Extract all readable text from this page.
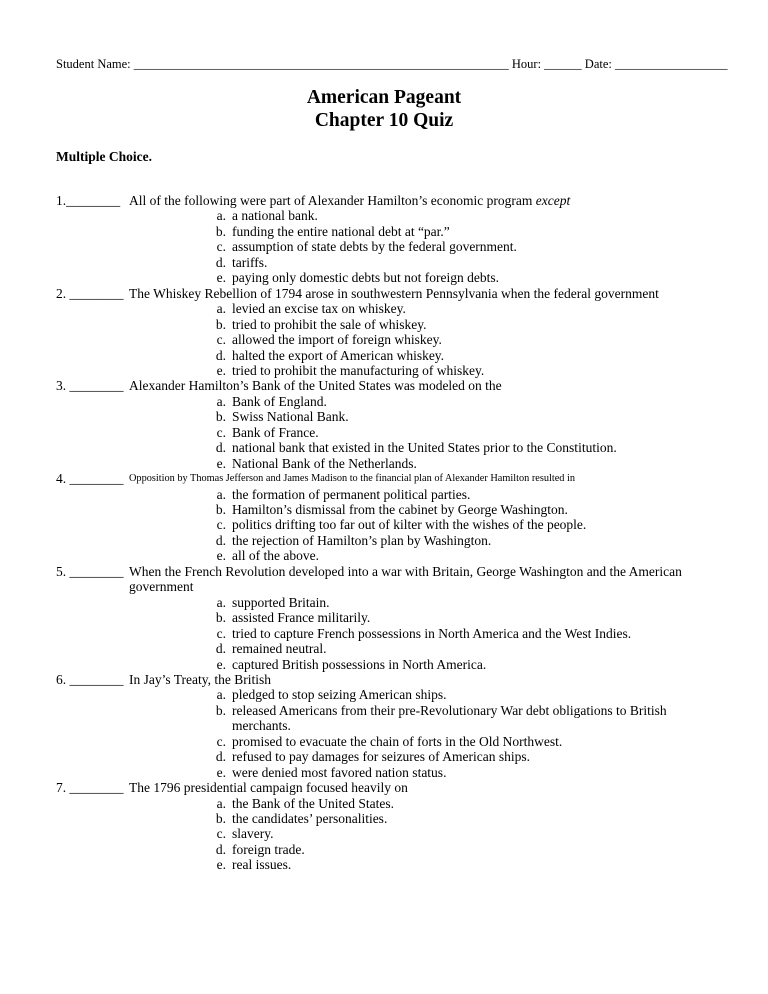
Student Name: ____________________________________________________________ Hour: ______ Date: __________________
American Pageant
Chapter 10 Quiz
Multiple Choice.
1.________ All of the following were part of Alexander Hamilton’s economic program except
a. a national bank.
b. funding the entire national debt at “par.”
c. assumption of state debts by the federal government.
d. tariffs.
e. paying only domestic debts but not foreign debts.
2. ________ The Whiskey Rebellion of 1794 arose in southwestern Pennsylvania when the federal government
a. levied an excise tax on whiskey.
b. tried to prohibit the sale of whiskey.
c. allowed the import of foreign whiskey.
d. halted the export of American whiskey.
e. tried to prohibit the manufacturing of whiskey.
3. ________ Alexander Hamilton’s Bank of the United States was modeled on the
a. Bank of England.
b. Swiss National Bank.
c. Bank of France.
d. national bank that existed in the United States prior to the Constitution.
e. National Bank of the Netherlands.
4. ________ Opposition by Thomas Jefferson and James Madison to the financial plan of Alexander Hamilton resulted in
a. the formation of permanent political parties.
b. Hamilton’s dismissal from the cabinet by George Washington.
c. politics drifting too far out of kilter with the wishes of the people.
d. the rejection of Hamilton’s plan by Washington.
e. all of the above.
5. ________ When the French Revolution developed into a war with Britain, George Washington and the American government
a. supported Britain.
b. assisted France militarily.
c. tried to capture French possessions in North America and the West Indies.
d. remained neutral.
e. captured British possessions in North America.
6. ________ In Jay’s Treaty, the British
a. pledged to stop seizing American ships.
b. released Americans from their pre-Revolutionary War debt obligations to British merchants.
c. promised to evacuate the chain of forts in the Old Northwest.
d. refused to pay damages for seizures of American ships.
e. were denied most favored nation status.
7. ________ The 1796 presidential campaign focused heavily on
a. the Bank of the United States.
b. the candidates’ personalities.
c. slavery.
d. foreign trade.
e. real issues.
